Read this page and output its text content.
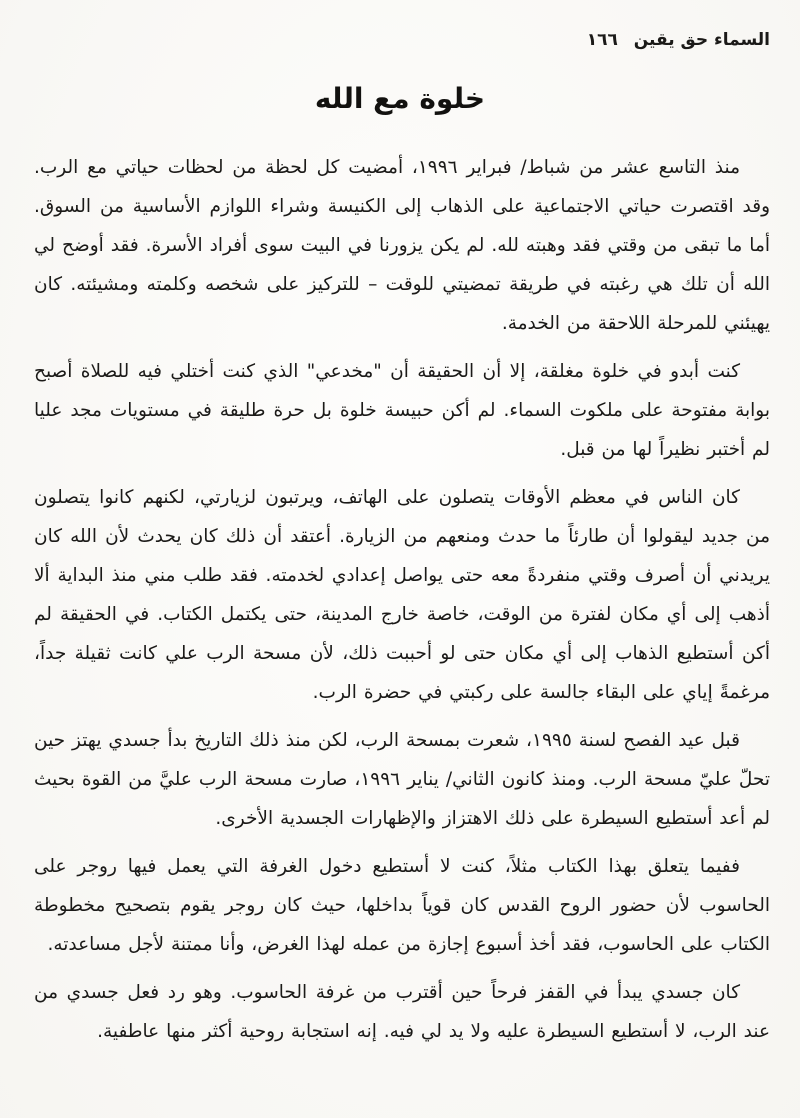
السماء حق يقين ١٦٦
خلوة مع الله

منذ التاسع عشر من شباط/ فبراير ١٩٩٦، أمضيت كل لحظة من لحظات حياتي مع الرب. وقد اقتصرت حياتي الاجتماعية على الذهاب إلى الكنيسة وشراء اللوازم الأساسية من السوق. أما ما تبقى من وقتي فقد وهبته لله. لم يكن يزورنا في البيت سوى أفراد الأسرة. فقد أوضح لي الله أن تلك هي رغبته في طريقة تمضيتي للوقت – للتركيز على شخصه وكلمته ومشيئته. كان يهيئني للمرحلة اللاحقة من الخدمة.

كنت أبدو في خلوة مغلقة، إلا أن الحقيقة أن "مخدعي" الذي كنت أختلي فيه للصلاة أصبح بوابة مفتوحة على ملكوت السماء. لم أكن حبيسة خلوة بل حرة طليقة في مستويات مجد عليا لم أختبر نظيراً لها من قبل.

كان الناس في معظم الأوقات يتصلون على الهاتف، ويرتبون لزيارتي، لكنهم كانوا يتصلون من جديد ليقولوا أن طارئاً ما حدث ومنعهم من الزيارة. أعتقد أن ذلك كان يحدث لأن الله كان يريدني أن أصرف وقتي منفردةً معه حتى يواصل إعدادي لخدمته. فقد طلب مني منذ البداية ألا أذهب إلى أي مكان لفترة من الوقت، خاصة خارج المدينة، حتى يكتمل الكتاب. في الحقيقة لم أكن أستطيع الذهاب إلى أي مكان حتى لو أحببت ذلك، لأن مسحة الرب علي كانت ثقيلة جداً، مرغمةً إياي على البقاء جالسة على ركبتي في حضرة الرب.

قبل عيد الفصح لسنة ١٩٩٥، شعرت بمسحة الرب، لكن منذ ذلك التاريخ بدأ جسدي يهتز حين تحلّ عليّ مسحة الرب. ومنذ كانون الثاني/ يناير ١٩٩٦، صارت مسحة الرب عليَّ من القوة بحيث لم أعد أستطيع السيطرة على ذلك الاهتزاز والإظهارات الجسدية الأخرى.

ففيما يتعلق بهذا الكتاب مثلاً، كنت لا أستطيع دخول الغرفة التي يعمل فيها روجر على الحاسوب لأن حضور الروح القدس كان قوياً بداخلها، حيث كان روجر يقوم بتصحيح مخطوطة الكتاب على الحاسوب، فقد أخذ أسبوع إجازة من عمله لهذا الغرض، وأنا ممتنة لأجل مساعدته.

كان جسدي يبدأ في القفز فرحاً حين أقترب من غرفة الحاسوب. وهو رد فعل جسدي من عند الرب، لا أستطيع السيطرة عليه ولا يد لي فيه. إنه استجابة روحية أكثر منها عاطفية.
